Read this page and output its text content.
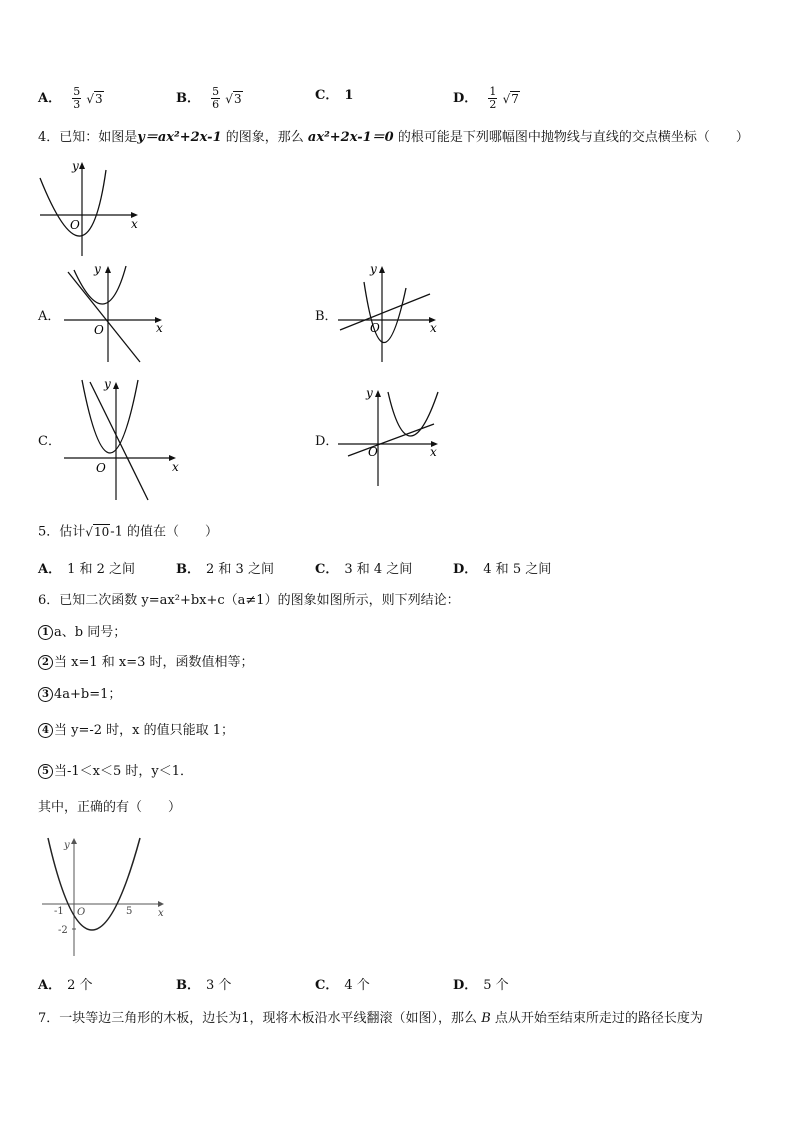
A． $\frac{5}{3} √3$	B． $\frac{5}{6} √3$	C． 1	D． $\frac{1}{2} √7$
4．已知：如图是y＝ax²+2x-1 的图象，那么 ax²+2x-1＝0 的根可能是下列哪幅图中抛物线与直线的交点横坐标（　　）
y
x
O
A．
y
x
O
B．
y
x
O
C．
y
x
O
D．
y
x
O
5．估计√10-1 的值在（　　）
A． 1 和 2 之间	B． 2 和 3 之间	C． 3 和 4 之间	D． 4 和 5 之间
6．已知二次函数 y=ax²+bx+c（a≠1）的图象如图所示，则下列结论：
1 a、b 同号；
2 当 x=1 和 x=3 时，函数值相等；
3 4a+b=1；
4 当 y=-2 时，x 的值只能取 1；
5 当-1＜x＜5 时，y＜1．
其中，正确的有（　　）
y
x
O
-1	5
-2
A． 2 个	B． 3 个	C． 4 个	D． 5 个
7．一块等边三角形的木板，边长为1，现将木板沿水平线翻滚（如图），那么 B 点从开始至结束所走过的路径长度为
